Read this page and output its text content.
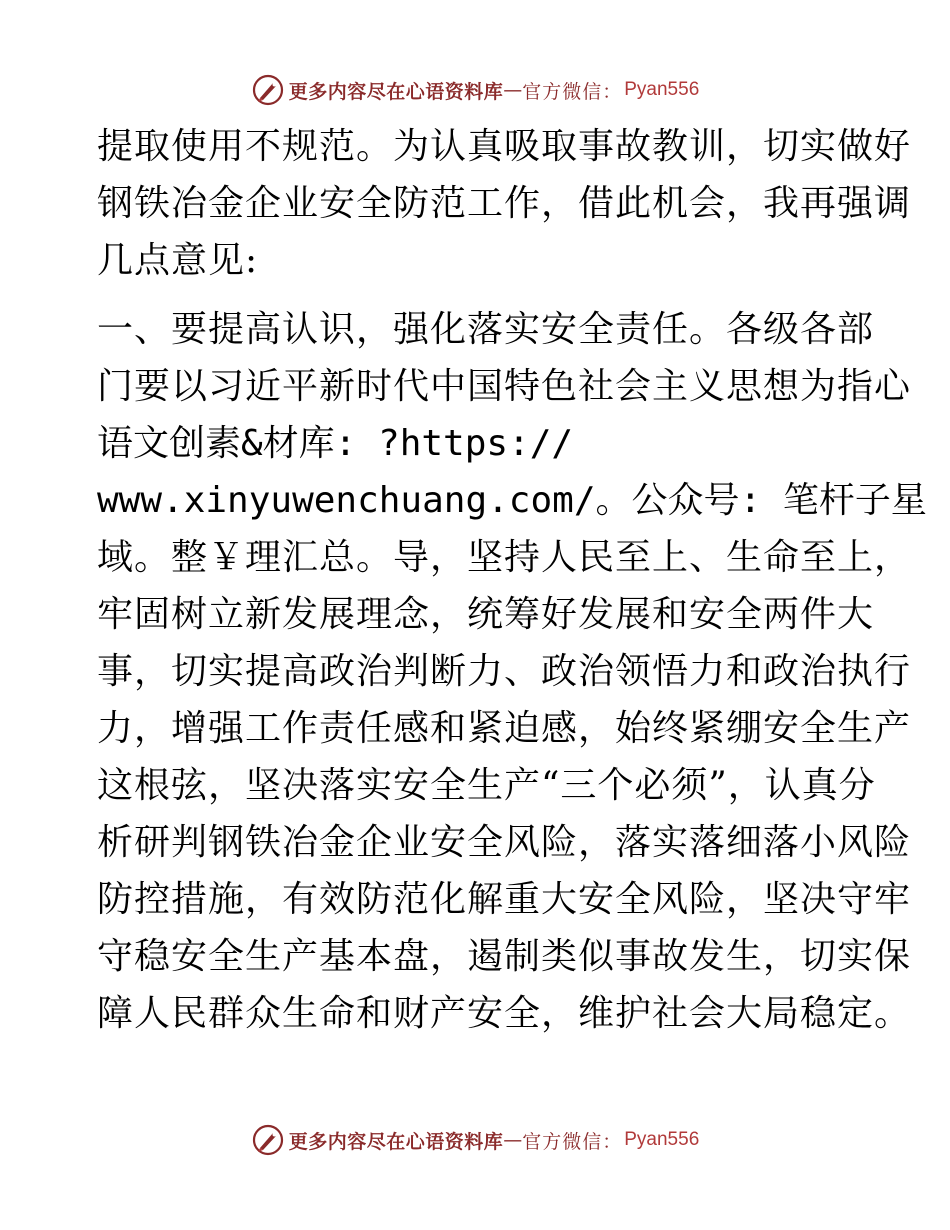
更多内容尽在心语资料库 — 官方微信： Pyan556
提取使用不规范。为认真吸取事故教训，切实做好
钢铁冶金企业安全防范工作，借此机会，我再强调
几点意见:
一、要提高认识，强化落实安全责任。各级各部
门要以习近平新时代中国特色社会主义思想为指心
语文创素&材库: ?https://
www.xinyuwenchuang.com/。公众号: 笔杆子星
域。整￥理汇总。导，坚持人民至上、生命至上，
牢固树立新发展理念，统筹好发展和安全两件大
事，切实提高政治判断力、政治领悟力和政治执行
力，增强工作责任感和紧迫感，始终紧绷安全生产
这根弦，坚决落实安全生产“三个必须”，认真分
析研判钢铁冶金企业安全风险，落实落细落小风险
防控措施，有效防范化解重大安全风险，坚决守牢
守稳安全生产基本盘，遏制类似事故发生，切实保
障人民群众生命和财产安全，维护社会大局稳定。
更多内容尽在心语资料库 — 官方微信： Pyan556
